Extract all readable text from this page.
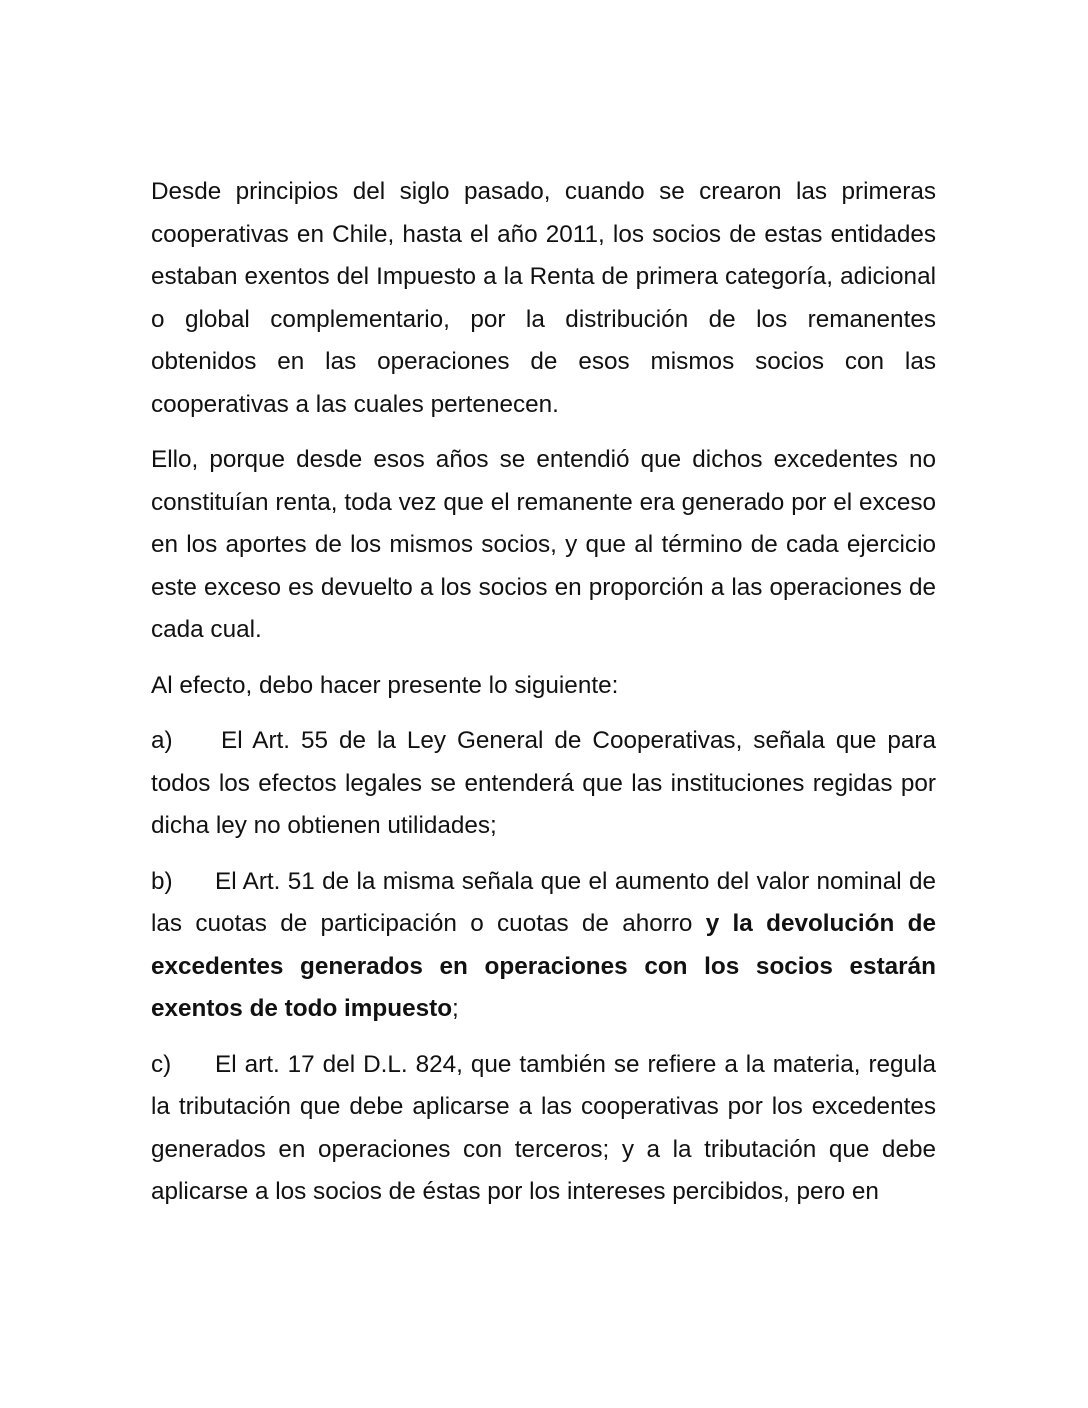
Desde principios del siglo pasado, cuando se crearon las primeras cooperativas en Chile, hasta el año 2011, los socios de estas entidades estaban exentos del Impuesto a la Renta de primera categoría, adicional o global complementario, por la distribución de los remanentes obtenidos en las operaciones de esos mismos socios con las cooperativas a las cuales pertenecen.

Ello, porque desde esos años se entendió que dichos excedentes no constituían renta, toda vez que el remanente era generado por el exceso en los aportes de los mismos socios, y que al término de cada ejercicio este exceso es devuelto a los socios en proporción a las operaciones de cada cual.

Al efecto, debo hacer presente lo siguiente:

a) El Art. 55 de la Ley General de Cooperativas, señala que para todos los efectos legales se entenderá que las instituciones regidas por dicha ley no obtienen utilidades;

b) El Art. 51 de la misma señala que el aumento del valor nominal de las cuotas de participación o cuotas de ahorro y la devolución de excedentes generados en operaciones con los socios estarán exentos de todo impuesto;

c) El art. 17 del D.L. 824, que también se refiere a la materia, regula la tributación que debe aplicarse a las cooperativas por los excedentes generados en operaciones con terceros; y a la tributación que debe aplicarse a los socios de éstas por los intereses percibidos, pero en
